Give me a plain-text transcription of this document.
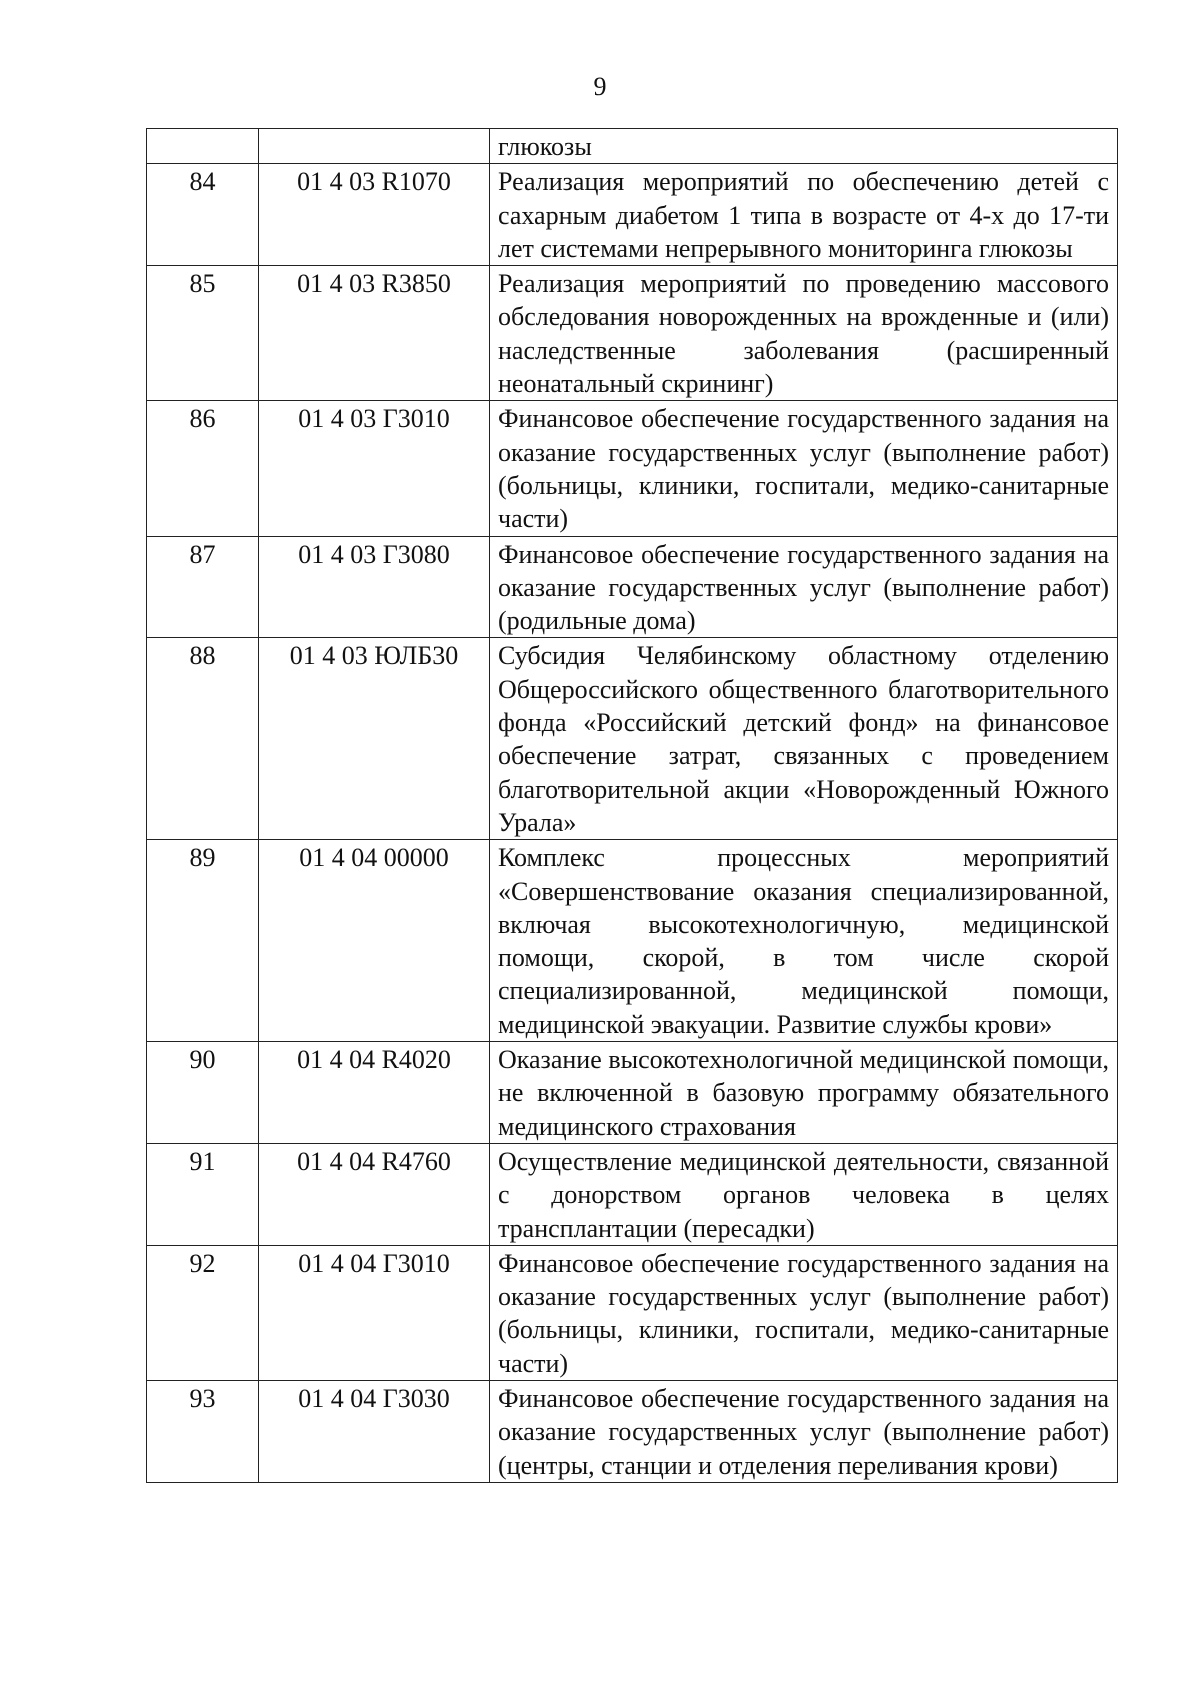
9
		глюкозы
84	01 4 03 R1070	Реализация мероприятий по обеспечению детей с сахарным диабетом 1 типа в возрасте от 4-х до 17-ти лет системами непрерывного мониторинга глюкозы
85	01 4 03 R3850	Реализация мероприятий по проведению массового обследования новорожденных на врожденные и (или) наследственные заболевания (расширенный неонатальный скрининг)
86	01 4 03 Г3010	Финансовое обеспечение государственного задания на оказание государственных услуг (выполнение работ) (больницы, клиники, госпитали, медико-санитарные части)
87	01 4 03 Г3080	Финансовое обеспечение государственного задания на оказание государственных услуг (выполнение работ) (родильные дома)
88	01 4 03 ЮЛБ30	Субсидия Челябинскому областному отделению Общероссийского общественного благотворительного фонда «Российский детский фонд» на финансовое обеспечение затрат, связанных с проведением благотворительной акции «Новорожденный Южного Урала»
89	01 4 04 00000	Комплекс процессных мероприятий «Совершенствование оказания специализированной, включая высокотехнологичную, медицинской помощи, скорой, в том числе скорой специализированной, медицинской помощи, медицинской эвакуации. Развитие службы крови»
90	01 4 04 R4020	Оказание высокотехнологичной медицинской помощи, не включенной в базовую программу обязательного медицинского страхования
91	01 4 04 R4760	Осуществление медицинской деятельности, связанной с донорством органов человека в целях трансплантации (пересадки)
92	01 4 04 Г3010	Финансовое обеспечение государственного задания на оказание государственных услуг (выполнение работ) (больницы, клиники, госпитали, медико-санитарные части)
93	01 4 04 Г3030	Финансовое обеспечение государственного задания на оказание государственных услуг (выполнение работ) (центры, станции и отделения переливания крови)
